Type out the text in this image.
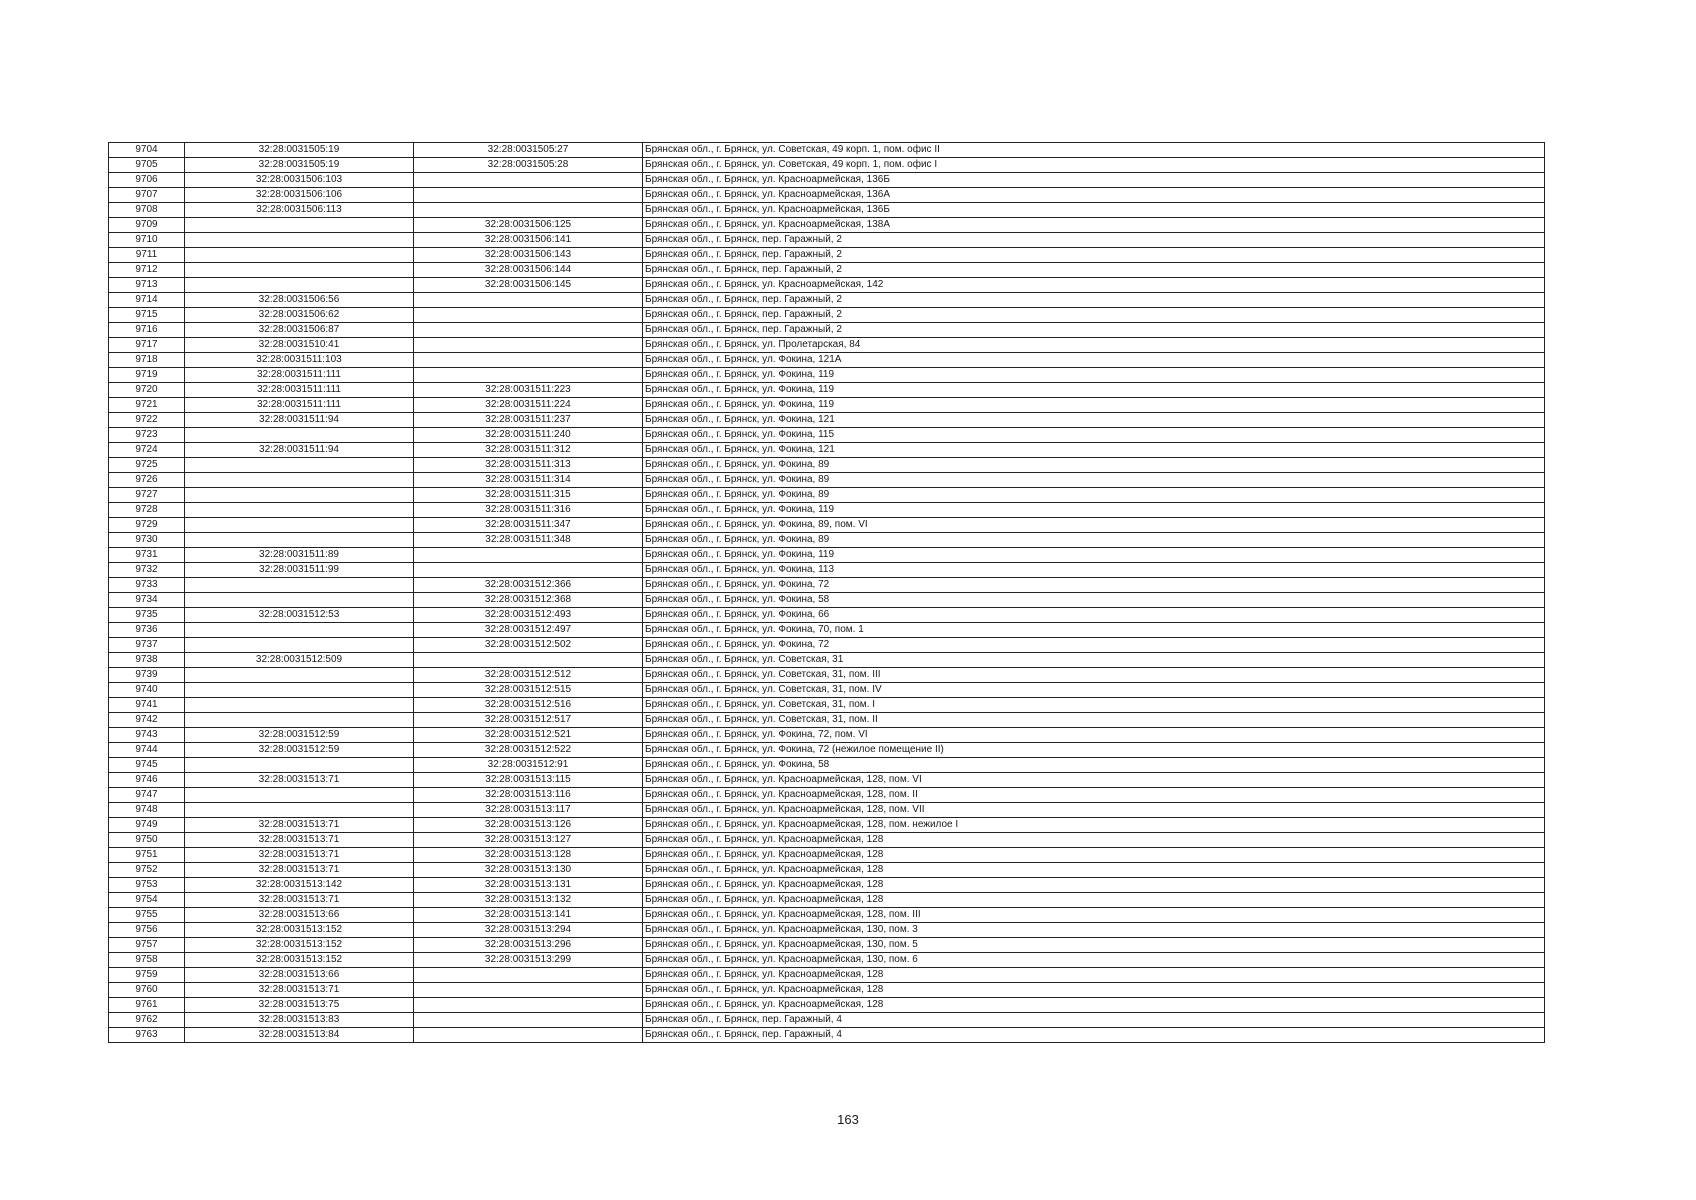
9704	32:28:0031505:19	32:28:0031505:27	Брянская обл., г. Брянск, ул. Советская, 49 корп. 1, пом. офис II
9705	32:28:0031505:19	32:28:0031505:28	Брянская обл., г. Брянск, ул. Советская, 49 корп. 1, пом. офис I
9706	32:28:0031506:103		Брянская обл., г. Брянск, ул. Красноармейская, 136Б
9707	32:28:0031506:106		Брянская обл., г. Брянск, ул. Красноармейская, 136А
9708	32:28:0031506:113		Брянская обл., г. Брянск, ул. Красноармейская, 136Б
9709		32:28:0031506:125	Брянская обл., г. Брянск, ул. Красноармейская, 138А
9710		32:28:0031506:141	Брянская обл., г. Брянск, пер. Гаражный, 2
9711		32:28:0031506:143	Брянская обл., г. Брянск, пер. Гаражный, 2
9712		32:28:0031506:144	Брянская обл., г. Брянск, пер. Гаражный, 2
9713		32:28:0031506:145	Брянская обл., г. Брянск, ул. Красноармейская, 142
9714	32:28:0031506:56		Брянская обл., г. Брянск, пер. Гаражный, 2
9715	32:28:0031506:62		Брянская обл., г. Брянск, пер. Гаражный, 2
9716	32:28:0031506:87		Брянская обл., г. Брянск, пер. Гаражный, 2
9717	32:28:0031510:41		Брянская обл., г. Брянск, ул. Пролетарская, 84
9718	32:28:0031511:103		Брянская обл., г. Брянск, ул. Фокина, 121А
9719	32:28:0031511:111		Брянская обл., г. Брянск, ул. Фокина, 119
9720	32:28:0031511:111	32:28:0031511:223	Брянская обл., г. Брянск, ул. Фокина, 119
9721	32:28:0031511:111	32:28:0031511:224	Брянская обл., г. Брянск, ул. Фокина, 119
9722	32:28:0031511:94	32:28:0031511:237	Брянская обл., г. Брянск, ул. Фокина, 121
9723		32:28:0031511:240	Брянская обл., г. Брянск, ул. Фокина, 115
9724	32:28:0031511:94	32:28:0031511:312	Брянская обл., г. Брянск, ул. Фокина, 121
9725		32:28:0031511:313	Брянская обл., г. Брянск, ул. Фокина, 89
9726		32:28:0031511:314	Брянская обл., г. Брянск, ул. Фокина, 89
9727		32:28:0031511:315	Брянская обл., г. Брянск, ул. Фокина, 89
9728		32:28:0031511:316	Брянская обл., г. Брянск, ул. Фокина, 119
9729		32:28:0031511:347	Брянская обл., г. Брянск, ул. Фокина, 89, пом. VI
9730		32:28:0031511:348	Брянская обл., г. Брянск, ул. Фокина, 89
9731	32:28:0031511:89		Брянская обл., г. Брянск, ул. Фокина, 119
9732	32:28:0031511:99		Брянская обл., г. Брянск, ул. Фокина, 113
9733		32:28:0031512:366	Брянская обл., г. Брянск, ул. Фокина, 72
9734		32:28:0031512:368	Брянская обл., г. Брянск, ул. Фокина, 58
9735	32:28:0031512:53	32:28:0031512:493	Брянская обл., г. Брянск, ул. Фокина, 66
9736		32:28:0031512:497	Брянская обл., г. Брянск, ул. Фокина, 70, пом. 1
9737		32:28:0031512:502	Брянская обл., г. Брянск, ул. Фокина, 72
9738	32:28:0031512:509		Брянская обл., г. Брянск, ул. Советская, 31
9739		32:28:0031512:512	Брянская обл., г. Брянск, ул. Советская, 31, пом. III
9740		32:28:0031512:515	Брянская обл., г. Брянск, ул. Советская, 31, пом. IV
9741		32:28:0031512:516	Брянская обл., г. Брянск, ул. Советская, 31, пом. I
9742		32:28:0031512:517	Брянская обл., г. Брянск, ул. Советская, 31, пом. II
9743	32:28:0031512:59	32:28:0031512:521	Брянская обл., г. Брянск, ул. Фокина, 72, пом. VI
9744	32:28:0031512:59	32:28:0031512:522	Брянская обл., г. Брянск, ул. Фокина, 72 (нежилое помещение II)
9745		32:28:0031512:91	Брянская обл., г. Брянск, ул. Фокина, 58
9746	32:28:0031513:71	32:28:0031513:115	Брянская обл., г. Брянск, ул. Красноармейская, 128, пом. VI
9747		32:28:0031513:116	Брянская обл., г. Брянск, ул. Красноармейская, 128, пом. II
9748		32:28:0031513:117	Брянская обл., г. Брянск, ул. Красноармейская, 128, пом. VII
9749	32:28:0031513:71	32:28:0031513:126	Брянская обл., г. Брянск, ул. Красноармейская, 128, пом. нежилое I
9750	32:28:0031513:71	32:28:0031513:127	Брянская обл., г. Брянск, ул. Красноармейская, 128
9751	32:28:0031513:71	32:28:0031513:128	Брянская обл., г. Брянск, ул. Красноармейская, 128
9752	32:28:0031513:71	32:28:0031513:130	Брянская обл., г. Брянск, ул. Красноармейская, 128
9753	32:28:0031513:142	32:28:0031513:131	Брянская обл., г. Брянск, ул. Красноармейская, 128
9754	32:28:0031513:71	32:28:0031513:132	Брянская обл., г. Брянск, ул. Красноармейская, 128
9755	32:28:0031513:66	32:28:0031513:141	Брянская обл., г. Брянск, ул. Красноармейская, 128, пом. III
9756	32:28:0031513:152	32:28:0031513:294	Брянская обл., г. Брянск, ул. Красноармейская, 130, пом. 3
9757	32:28:0031513:152	32:28:0031513:296	Брянская обл., г. Брянск, ул. Красноармейская, 130, пом. 5
9758	32:28:0031513:152	32:28:0031513:299	Брянская обл., г. Брянск, ул. Красноармейская, 130, пом. 6
9759	32:28:0031513:66		Брянская обл., г. Брянск, ул. Красноармейская, 128
9760	32:28:0031513:71		Брянская обл., г. Брянск, ул. Красноармейская, 128
9761	32:28:0031513:75		Брянская обл., г. Брянск, ул. Красноармейская, 128
9762	32:28:0031513:83		Брянская обл., г. Брянск, пер. Гаражный, 4
9763	32:28:0031513:84		Брянская обл., г. Брянск, пер. Гаражный, 4
163
